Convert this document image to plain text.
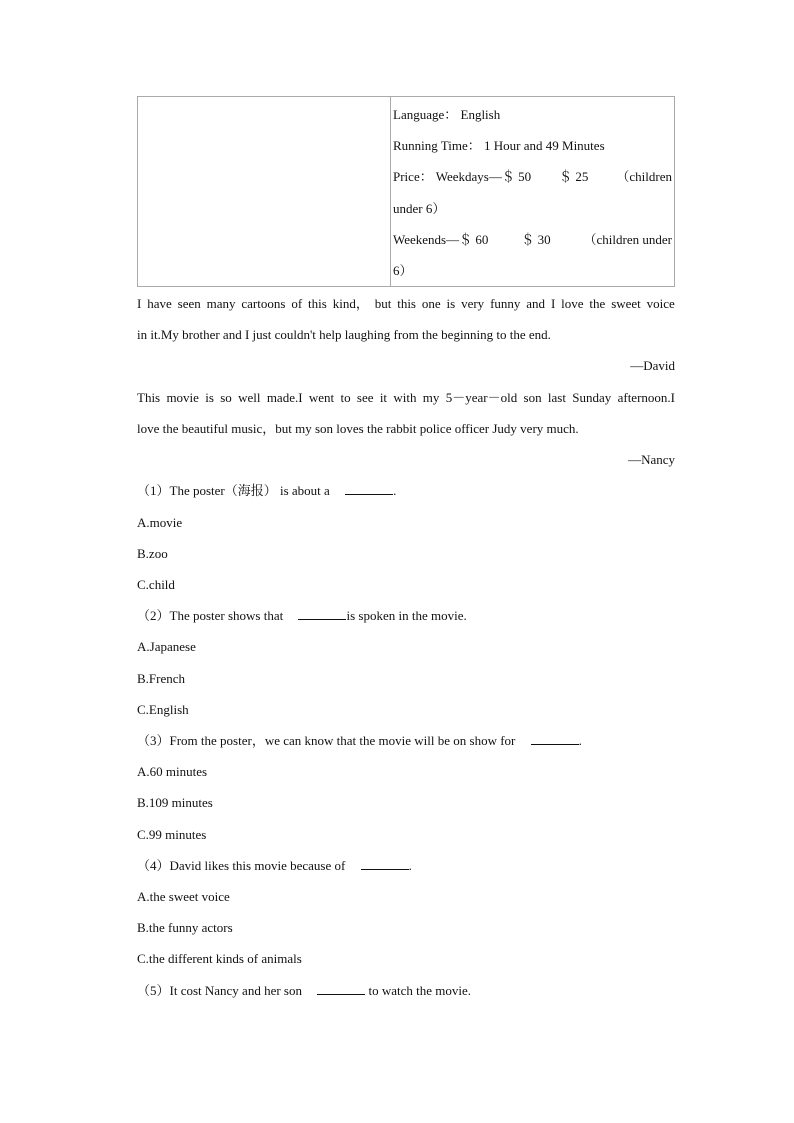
Language： English
Running Time： 1 Hour and 49 Minutes
Price： Weekdays—＄ 50 ＄ 25 （children
under 6）
Weekends—＄ 60	＄ 30	（children under
6）
I have seen many cartoons of this kind， but this one is very funny and I love the sweet voice
in it.My brother and I just couldn't help laughing from the beginning to the end.
—David
This movie is so well made.I went to see it with my 5－year－old son last Sunday afternoon.I
love the beautiful music，but my son loves the rabbit police officer Judy very much.
—Nancy
（1）The poster（海报） is about a	.
A.movie
B.zoo
C.child
（2）The poster shows that	is spoken in the movie.
A.Japanese
B.French
C.English
（3）From the poster，we can know that the movie will be on show for	.
A.60 minutes
B.109 minutes
C.99 minutes
（4）David likes this movie because of	.
A.the sweet voice
B.the funny actors
C.the different kinds of animals
（5）It cost Nancy and her son	to watch the movie.
